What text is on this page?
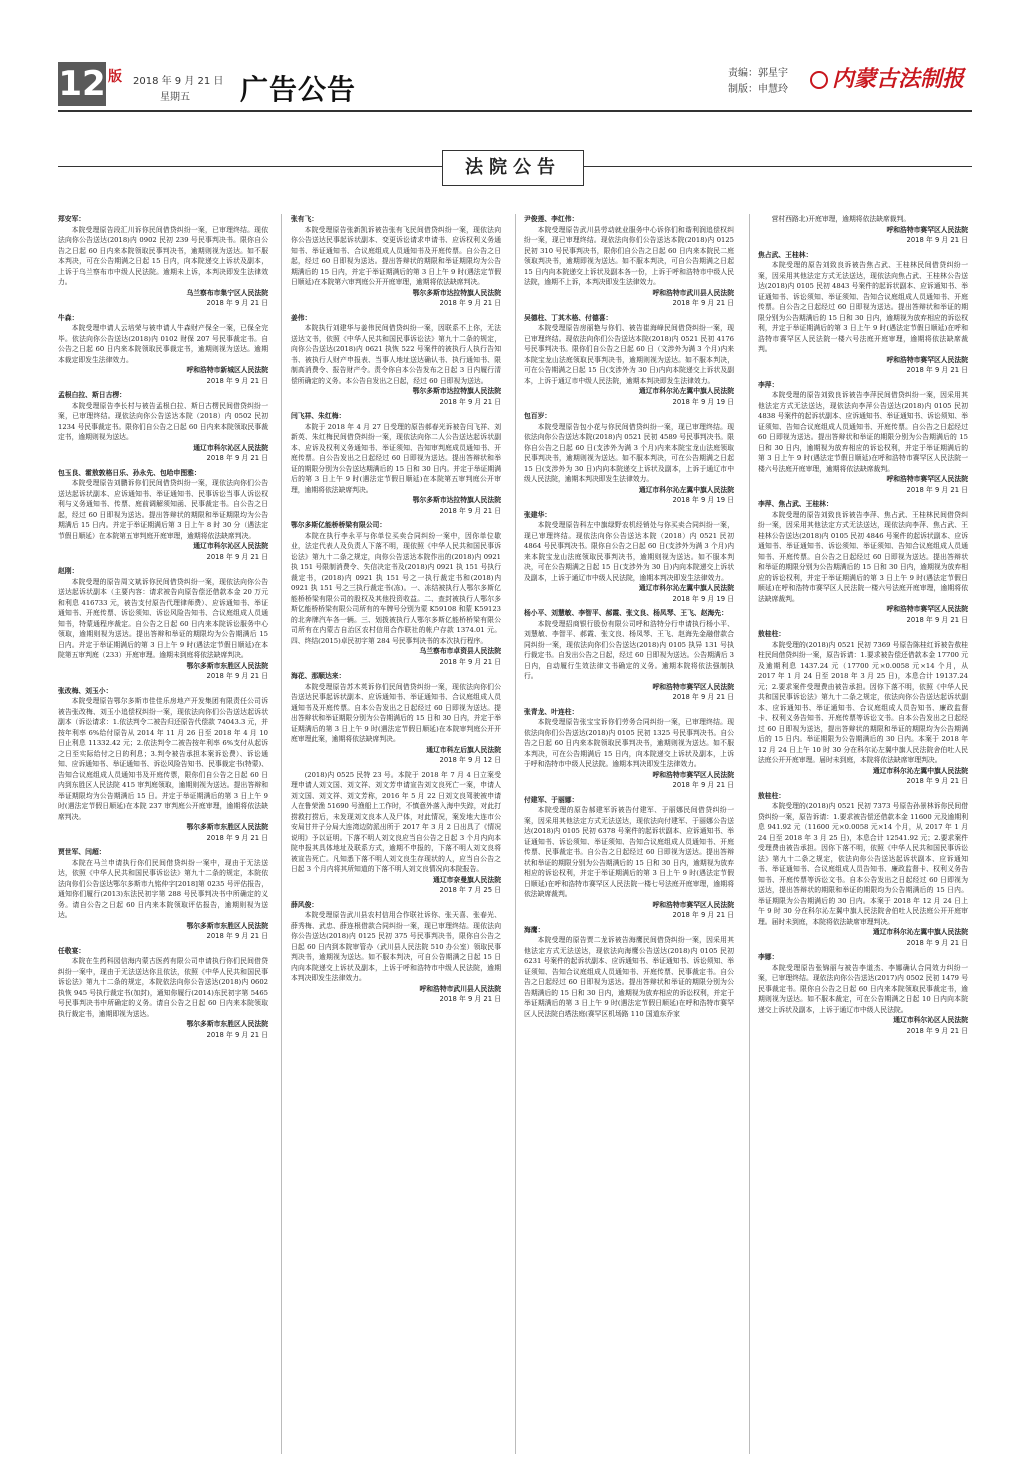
12 版 2018 年 9 月 21 日
星期五 广告公告	责编：郭星宇
制版：申慧玲	内蒙古法制报
法院公告
郑安军：
本院受理原告段汇川诉你民间借贷纠纷一案，已审理终结。现依法向你公告送达(2018)内 0902 民初 239 号民事判决书。限你自公告之日起 60 日内来本院领取民事判决书，逾期则视为送达。如不服本判决，可在公告期满之日起 15 日内，向本院递交上诉状及副本，上诉于乌兰察布市中级人民法院。逾期未上诉，本判决即发生法律效力。
乌兰察布市集宁区人民法院
2018 年 9 月 21 日
牛森：
本院受理申请人云培荣与被申请人牛森财产保全一案，已保全完毕。依法向你公告送达(2018)内 0102 财保 207 号民事裁定书。自公告之日起 60 日内来本院领取民事裁定书，逾期则视为送达。逾期本裁定即发生法律效力。
呼和浩特市新城区人民法院
2018 年 9 月 21 日
孟根白拉、斯日古楞：
本院受理原告李长村与被告孟根白拉、斯日古楞民间借贷纠纷一案，已审理终结。现依法向你公告送达本院（2018）内 0502 民初 1234 号民事裁定书。限你们自公告之日起 60 日内来本院领取民事裁定书，逾期则视为送达。
通辽市科尔沁区人民法院
2018 年 9 月 21 日
包玉良、霍敖敦格日乐、孙永先、包哈申图雅：
本院受理原告刘鹏诉你们民间借贷纠纷一案，现依法向你们公告送达起诉状副本、应诉通知书、举证通知书、民事诉讼当事人诉讼权利与义务通知书、传票、庭前调解须知函、民事裁定书。自公告之日起，经过 60 日即视为送达。提出答辩状的期限和举证期限均为公告期满后 15 日内。并定于举证期满后第 3 日上午 8 时 30 分（遇法定节假日顺延）在本院第五审判庭开庭审理，逾期将依法缺席判决。
通辽市科尔沁区人民法院
2018 年 9 月 21 日
赵刚：
本院受理的原告周文斌诉你民间借贷纠纷一案，现依法向你公告送达起诉状副本（主要内容：请求被告向原告偿还借款本金 20 万元和利息 416733 元，被告支付原告代理律师费）、应诉通知书、举证通知书、开庭传票、诉讼须知、诉讼风险告知书、合议庭组成人员通知书，特蒙通程序裁定。自公告之日起 60 日内来本院诉讼服务中心领取，逾期则视为送达。提出答辩和举证的期限均为公告期满后 15 日内。并定于举证期满后的第 3 日上午 9 时(遇法定节假日顺延)在本院第五审判庭（233）开庭审理。逾期未到庭将依法缺席判决。
鄂尔多斯市东胜区人民法院
2018 年 9 月 21 日
张改梅、刘玉小：
本院受理原告鄂尔多斯市佳佳乐房地产开发集团有限责任公司诉被告张改梅、刘玉小追偿权纠纷一案，现依法向你们公告送达起诉状副本（诉讼请求：1.依法判令二被告归还原告代偿款 74043.3 元，并按年利率 6%给付原告从 2014 年 11 月 26 日至 2018 年 4 月 10 日止利息 11332.42 元；2.依法判令二被告按年利率 6%支付从起诉之日至实际给付之日的利息；3.判令被告承担本案诉讼费）、诉讼通知、应诉通知书、举证通知书、诉讼风险告知书、民事裁定书(特蒙)、告知合议庭组成人员通知书及开庭传票，限你们自公告之日起 60 日内到东胜区人民法院 415 审判庭领取，逾期则视为送达。提出答辩和举证期限均为公告期满后 15 日。并定于举证期满后的第 3 日上午 9 时(遇法定节假日顺延)在本院 237 审判庭公开庭审理，逾期将依法缺席判决。
鄂尔多斯市东胜区人民法院
2018 年 9 月 21 日
贾世军、闫超：
本院在马兰申请执行你们民间借贷纠纷一案中，现由于无法送达，依照《中华人民共和国民事诉讼法》第九十二条的规定，本院依法向你们公告送达鄂尔多斯市九铭仲字[2018]第 0235 号评估报告，通知你们履行(2013)东法民初字第 288 号民事判决书中所确定的义务。请自公告之日起 60 日内来本院领取评估报告，逾期则视为送达。
鄂尔多斯市东胜区人民法院
2018 年 9 月 21 日
任敬宴：
本院在生药科园信海内蒙古医药有限公司申请执行你们民间借贷纠纷一案中，现由于无法送达你且依法，依照《中华人民共和国民事诉讼法》第九十二条的规定，本院依法向你公告送达(2018)内 0602 执恢 945 号执行裁定书(加封)，通知你履行(2014)东民初字第 5465 号民事判决书中所确定的义务。请自公告之日起 60 日内来本院领取执行裁定书，逾期即视为送达。
鄂尔多斯市东胜区人民法院
2018 年 9 月 21 日
张有飞：
本院受理原告张新凯诉被告张有飞民间借贷纠纷一案，现依法向你公告送达民事起诉状副本、变更诉讼请求申请书、应诉权利义务通知书、举证通知书、合议庭组成人员通知书及开庭传票。自公告之日起，经过 60 日即视为送达。提出答辩状的期限和举证期限均为公告期满后的 15 日内，并定于举证期满后的第 3 日上午 9 时(遇法定节假日顺延)在本院第六审判庭公开开庭审理，逾期将依法缺席判决。
鄂尔多斯市达拉特旗人民法院
2018 年 9 月 21 日
姜伟：
本院执行刘建华与姜伟民间借贷纠纷一案，因联系不上你，无法送达文书，依照《中华人民共和国民事诉讼法》第九十二条的规定，向你公告送达(2018)内 0621 执恢 522 号案件的被执行人执行告知书、被执行人财产申报表、当事人地址送达确认书、执行通知书、限制高消费令、报告财产令。责令你自本公告发布之日起 3 日内履行清偿所确定的义务。本公告自发出之日起，经过 60 日即视为送达。
鄂尔多斯市达拉特旗人民法院
2018 年 9 月 21 日
闫飞祥、朱红梅：
本院于 2018 年 4 月 27 日受理的原告郝春光诉被告闫飞祥、刘新英、朱红梅民间借贷纠纷一案，现依法向你二人公告送达起诉状副本、应诉及权利义务通知书、举证须知、告知审判庭成员通知书、开庭传票。自公告发出之日起经过 60 日即视为送达。提出答辩状和举证的期限分别为公告送达期满后的 15 日和 30 日内。并定于举证期满后的第 3 日上午 9 时(遇法定节假日顺延)在本院第五审判庭公开审理，逾期将依法缺席判决。
鄂尔多斯市达拉特旗人民法院
2018 年 9 月 21 日
鄂尔多斯亿能桥桥梁有限公司：
本院在执行李永平与你单位买卖合同纠纷一案中，因你单位歇业，法定代表人及负责人下落不明，现依照《中华人民共和国民事诉讼法》第九十二条之规定，向你公告送达本院作出的(2018)内 0921 执 151 号限制消费令、失信决定书及(2018)内 0921 执 151 号执行裁定书，(2018)内 0921 执 151 号之一执行裁定书和(2018)内 0921 执 151 号之三执行裁定书(冻)。一、冻结被执行人鄂尔多斯亿能桥桥梁有限公司的股权及其他投资收益。二、查封被执行人鄂尔多斯亿能桥桥梁有限公司所有的车牌号分别为蒙 K59108 和蒙 K59123 的北奔牌汽车各一辆。三、划拨被执行人鄂尔多斯亿能桥桥梁有限公司所有在内蒙古自治区农村信用合作联社的帐户存款 1374.01 元。四、终结(2015)卓民初字第 284 号民事判决书的本次执行程序。
乌兰察布市卓资县人民法院
2018 年 9 月 21 日
海花、那顺达来：
本院受理原告苏木英诉你们民间借贷纠纷一案，现依法向你们公告送达民事起诉状副本、应诉通知书、举证通知书、合议庭组成人员通知书及开庭传票。自本公告发出之日起经过 60 日即视为送达。提出答辩状和举证期限分别为公告期满后的 15 日和 30 日内，并定于举证期满后的第 3 日上午 9 时(遇法定节假日顺延)在本院审判庭公开开庭审理此案，逾期将依法缺席判决。
通辽市科左后旗人民法院
2018 年 9 月 12 日
(2018)内 0525 民特 23 号。本院于 2018 年 7 月 4 日立案受理申请人刘文国、刘文祥、刘文芳申请宣告刘文良死亡一案，申请人刘文国、刘文祥、刘文芳称，2016 年 5 月 22 日刘文良驾驶被申请人在鲁荣渔 51690 号渔船上工作时，不慎意外落入海中失踪，对此打捞救打捞后，未发现刘文良本人及尸体，对此情况，案发地大连市公安局甘井子分局大连湾边防派出所于 2017 年 3 月 2 日出具了《情况说明》予以证明。下落不明人刘文良应当自公告之日起 3 个月内向本院申报其具体地址及联系方式，逾期不申报的，下落不明人刘文良将被宣告死亡。凡知悉下落不明人刘文良生存现状的人，应当自公告之日起 3 个月内将其所知道的下落不明人刘文良情况向本院报告。
通辽市奈曼旗人民法院
2018 年 7 月 25 日
薛风俊：
本院受理原告武川县农村信用合作联社诉你、张天喜、张春光、薛秀梅、武忠、薛连根借款合同纠纷一案，现已审理终结。现依法向你公告送达(2018)内 0125 民初 375 号民事判决书，限你自公告之日起 60 日内到本院审管办（武川县人民法院 510 办公室）领取民事判决书，逾期视为送达。如不服本判决，可自公告期满之日起 15 日内向本院递交上诉状及副本，上诉于呼和浩特市中级人民法院，逾期本判决即发生法律效力。
呼和浩特市武川县人民法院
2018 年 9 月 21 日
尹俊莲、李红伟：
本院受理原告武川县劳动就业服务中心诉你们和谐利润追偿权纠纷一案，现已审理终结。现依法向你们公告送达本院(2018)内 0125 民初 310 号民事判决书，限你们自公告之日起 60 日内来本院民二庭领取判决书，逾期即视为送达。如不服本判决，可自公告期满之日起 15 日内向本院递交上诉状及副本各一份，上诉于呼和浩特市中级人民法院，逾期不上诉，本判决即发生法律效力。
呼和浩特市武川县人民法院
2018 年 9 月 21 日
吴德柱、丁其木格、付德喜：
本院受理原告房丽艳与你们、被告崔海峰民间借贷纠纷一案，现已审理终结。现依法向你们公告送达本院(2018)内 0521 民初 4176 号民事判决书。限你们自公告之日起 60 日（文涉外为满 3 个月)内来本院宝龙山法庭领取民事判决书，逾期则视为送达。如不服本判决，可在公告期满之日起 15 日(支涉外为 30 日)内向本院递交上诉状及副本，上诉于通辽市中级人民法院，逾期本判决即发生法律效力。
通辽市科尔沁左翼中旗人民法院
2018 年 9 月 19 日
包百岁：
本院受理原告包小花与你民间借贷纠纷一案，现已审理终结。现依法向你公告送达本院(2018)内 0521 民初 4589 号民事判决书。限你自公告之日起 60 日(支涉外为满 3 个月)内来本院宝龙山法庭领取民事判决书，逾期则视为送达。如不服本判决，可在公告期满之日起 15 日(支涉外为 30 日)内向本院递交上诉状及副本，上诉于通辽市中级人民法院，逾期本判决即发生法律效力。
通辽市科尔沁左翼中旗人民法院
2018 年 9 月 19 日
张建华：
本院受理原告科左中旗绿野农机经销处与你买卖合同纠纷一案，现已审理终结。现依法向你公告送达本院（2018）内 0521 民初 4864 号民事判决书。限你自公告之日起 60 日(支涉外为满 3 个月)内来本院宝龙山法庭领取民事判决书，逾期则视为送达。如不服本判决，可在公告期满之日起 15 日(支涉外为 30 日)内向本院递交上诉状及副本，上诉于通辽市中级人民法院，逾期本判决即发生法律效力。
通辽市科尔沁左翼中旗人民法院
2018 年 9 月 19 日
杨小平、刘慧敏、李智平、郝霞、张文良、杨凤琴、王飞、赵海先：
本院受理招商银行股份有限公司呼和浩特分行申请执行杨小平、刘慧敏、李智平、郝霞、张文良、杨凤琴、王飞、赵海先金融借款合同纠纷一案，现依法向你们公告送达(2018)内 0105 执异 131 号执行裁定书。自发出公告之日起，经过 60 日即视为送达。公告期满后 3 日内，自动履行生效法律文书确定的义务。逾期本院将依法强制执行。
呼和浩特市赛罕区人民法院
2018 年 9 月 21 日
张青龙、叶连柱：
本院受理原告张宝宝诉你们劳务合同纠纷一案，已审理终结。现依法向你们公告送达(2018)内 0105 民初 1325 号民事判决书。自公告之日起 60 日内来本院领取民事判决书，逾期则视为送达。如不服本判决，可在公告期满后 15 日内，向本院递交上诉状及副本，上诉于呼和浩特市中级人民法院。逾期本判决即发生法律效力。
呼和浩特市赛罕区人民法院
2018 年 9 月 21 日
付建军、于丽娜：
本院受理的原告郝建军诉被告付建军、于丽娜民间借贷纠纷一案，因采用其他法定方式无法送达，现依法向付建军、于丽娜公告送达(2018)内 0105 民初 6378 号案件的起诉状副本、应诉通知书、举证通知书、诉讼须知、举证须知、告知合议庭组成人员通知书、开庭传票、民事裁定书。自公告之日起经过 60 日即视为送达。提出答辩状和举证的期限分别为公告期满后的 15 日和 30 日内，逾期视为放弃相应的诉讼权利，并定于举证期满后的第 3 日上午 9 时(遇法定节假日顺延)在呼和浩特市赛罕区人民法院一楼七号法庭开庭审理，逾期将依法缺席裁判。
呼和浩特市赛罕区人民法院
2018 年 9 月 21 日
海鹰：
本院受理的原告贾二龙诉被告海鹰民间借贷纠纷一案，因采用其他法定方式无法送达，现依法向海鹰公告送达(2018)内 0105 民初 6231 号案件的起诉状副本、应诉通知书、举证通知书、诉讼须知、举证须知、告知合议庭组成人员通知书、开庭传票、民事裁定书。自公告之日起经过 60 日即视为送达。提出答辩状和举证的期限分别为公告期满后的 15 日和 30 日内，逾期视为放弃相应的诉讼权利，并定于举证期满后的第 3 日上午 9 时(遇法定节假日顺延)在呼和浩特市赛罕区人民法院白塔法庭(赛罕区机场路 110 国道东乔家
营村西路北)开庭审理，逾期将依法缺席裁判。
呼和浩特市赛罕区人民法院
2018 年 9 月 21 日
焦占武、王桂林：
本院受理的原告刘致良诉被告焦占武、王桂林民间借贷纠纷一案，因采用其他法定方式无法送达，现依法向焦占武、王桂林公告送达(2018)内 0105 民初 4843 号案件的起诉状副本、应诉通知书、举证通知书、诉讼须知、举证须知、告知合议庭组成人员通知书、开庭传票。自公告之日起经过 60 日即视为送达。提出答辩状和举证的期限分别为公告期满后的 15 日和 30 日内，逾期视为放弃相应的诉讼权利，并定于举证期满后的第 3 日上午 9 时(遇法定节假日顺延)在呼和浩特市赛罕区人民法院一楼六号法庭开庭审理，逾期将依法缺席裁判。
呼和浩特市赛罕区人民法院
2018 年 9 月 21 日
李萍：
本院受理的原告刘致良诉被告李萍民间借贷纠纷一案，因采用其他法定方式无法送达，现依法向李萍公告送达(2018)内 0105 民初 4838 号案件的起诉状副本、应诉通知书、举证通知书、诉讼须知、举证须知、告知合议庭组成人员通知书、开庭传票。自公告之日起经过 60 日即视为送达。提出答辩状和举证的期限分别为公告期满后的 15 日和 30 日内，逾期视为放弃相应的诉讼权利，并定于举证期满后的第 3 日上午 9 时(遇法定节假日顺延)在呼和浩特市赛罕区人民法院一楼六号法庭开庭审理，逾期将依法缺席裁判。
呼和浩特市赛罕区人民法院
2018 年 9 月 21 日
李萍、焦占武、王桂林：
本院受理的原告刘致良诉被告李萍、焦占武、王桂林民间借贷纠纷一案，因采用其他法定方式无法送达，现依法向李萍、焦占武、王桂林公告送达(2018)内 0105 民初 4846 号案件的起诉状副本、应诉通知书、举证通知书、诉讼须知、举证须知、告知合议庭组成人员通知书、开庭传票。自公告之日起经过 60 日即视为送达。提出答辩状和举证的期限分别为公告期满后的 15 日和 30 日内，逾期视为放弃相应的诉讼权利，并定于举证期满后的第 3 日上午 9 时(遇法定节假日顺延)在呼和浩特市赛罕区人民法院一楼六号法庭开庭审理，逾期将依法缺席裁判。
呼和浩特市赛罕区人民法院
2018 年 9 月 21 日
敖桂柱：
本院受理的(2018)内 0521 民初 7369 号原告陈桂红诉被告敖桂柱民间借贷纠纷一案，原告诉请：1.要求被告偿还借款本金 17700 元及逾期利息 1437.24 元（17700 元×0.0058 元×14 个月，从 2017 年 1 月 24 日至 2018 年 3 月 25 日)，本息合计 19137.24 元；2.要求案件受理费由被告承担。因你下落不明，依照《中华人民共和国民事诉讼法》第九十二条之规定，依法向你公告送达起诉状副本、应诉通知书、举证通知书、合议庭组成人员告知书、廉政监督卡、权利义务告知书、开庭传票等诉讼文书。自本公告发出之日起经过 60 日即视为送达，提出答辩状的期限和举证的期限均为公告期满后的 15 日内。举证期限为公告期满后的 30 日内。本案于 2018 年 12 月 24 日上午 10 时 30 分在科尔沁左翼中旗人民法院舍伯吐人民法庭公开开庭审理。届时未到庭，本院将依法缺席审理判决。
通辽市科尔沁左翼中旗人民法院
2018 年 9 月 21 日
敖桂柱：
本院受理的(2018)内 0521 民初 7373 号原告孙景林诉你民间借贷纠纷一案，原告诉请：1.要求被告偿还借款本金 11600 元及逾期利息 941.92 元（11600 元×0.0058 元×14 个月，从 2017 年 1 月 24 日至 2018 年 3 月 25 日)，本息合计 12541.92 元；2.要求案件受理费由被告承担。因你下落不明，依照《中华人民共和国民事诉讼法》第九十二条之规定，依法向你公告送达起诉状副本、应诉通知书、举证通知书、合议庭组成人员告知书、廉政监督卡、权利义务告知书、开庭传票等诉讼文书。自本公告发出之日起经过 60 日即视为送达，提出答辩状的期限和举证的期限均为公告期满后的 15 日内。举证期限为公告期满后的 30 日内。本案于 2018 年 12 月 24 日上午 9 时 30 分在科尔沁左翼中旗人民法院舍伯吐人民法庭公开开庭审理。届时未到庭，本院将依法缺席审理判决。
通辽市科尔沁左翼中旗人民法院
2018 年 9 月 21 日
李娜：
本院受理原告张锦丽与被告李道杰、李娜确认合同效力纠纷一案，已审理终结。现依法向你公告送达(2017)内 0502 民初 1479 号民事裁定书。限你自公告之日起 60 日内来本院领取民事裁定书，逾期则视为送达。如不服本裁定，可在公告期满之日起 10 日内向本院递交上诉状及副本，上诉于通辽市中级人民法院。
通辽市科尔沁区人民法院
2018 年 9 月 21 日
